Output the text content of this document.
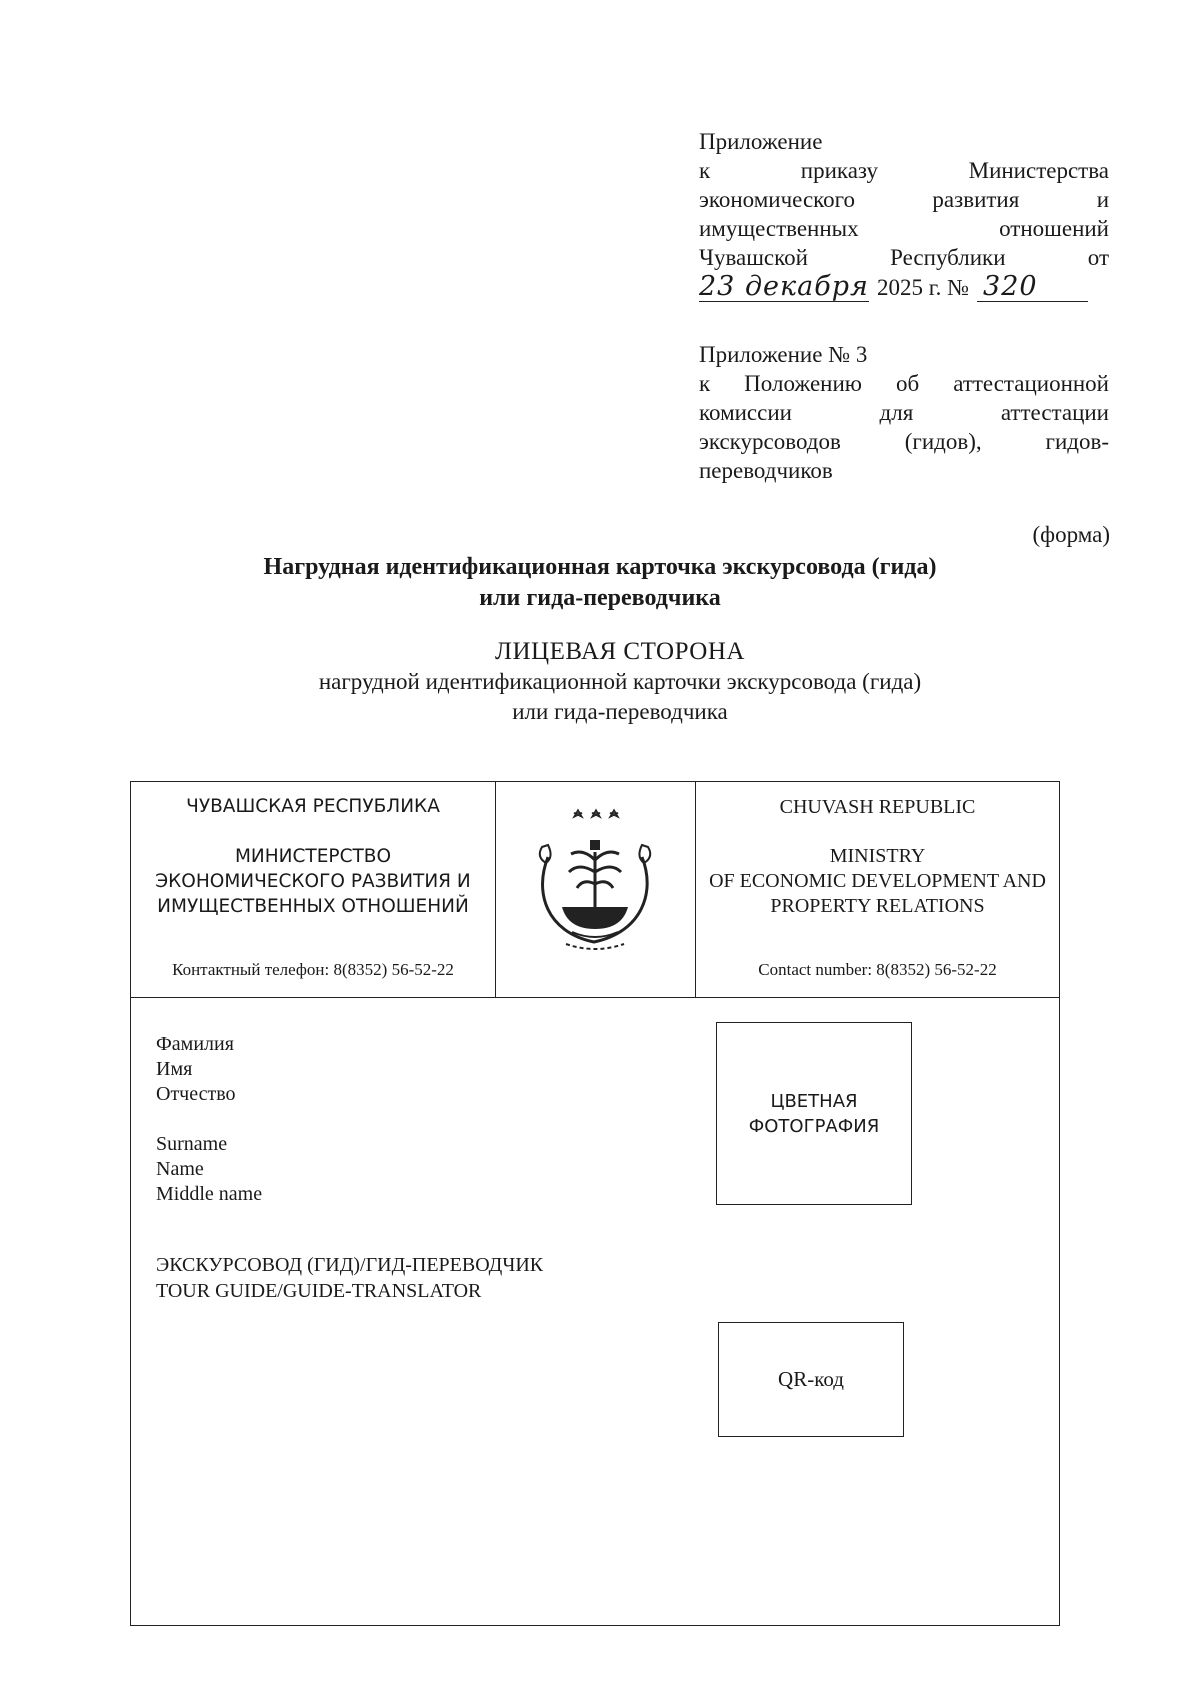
Приложение
к приказу Министерства
экономического развития и
имущественных отношений
Чувашской Республики от
23 декабря 2025 г. № 320
Приложение № 3
к Положению об аттестационной
комиссии для аттестации
экскурсоводов (гидов), гидов-
переводчиков
(форма)
Нагрудная идентификационная карточка экскурсовода (гида)
или гида-переводчика
ЛИЦЕВАЯ СТОРОНА
нагрудной идентификационной карточки экскурсовода (гида)
или гида-переводчика
ЧУВАШСКАЯ РЕСПУБЛИКА
МИНИСТЕРСТВО
ЭКОНОМИЧЕСКОГО РАЗВИТИЯ И
ИМУЩЕСТВЕННЫХ ОТНОШЕНИЙ
Контактный телефон: 8(8352) 56-52-22
CHUVASH REPUBLIC
MINISTRY
OF ECONOMIC DEVELOPMENT AND
PROPERTY RELATIONS
Contact number: 8(8352) 56-52-22
Фамилия
Имя
Отчество
Surname
Name
Middle name
ЭКСКУРСОВОД (ГИД)/ГИД-ПЕРЕВОДЧИК
TOUR GUIDE/GUIDE-TRANSLATOR
ЦВЕТНАЯ
ФОТОГРАФИЯ
QR-код
